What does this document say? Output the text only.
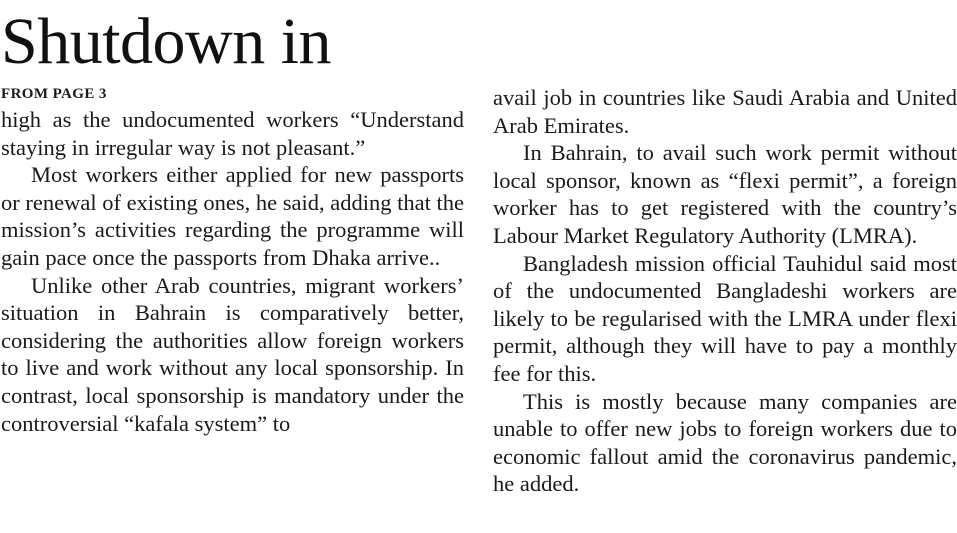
Shutdown in
FROM PAGE 3

high as the undocumented workers “Understand staying in irregular way is not pleasant.”

Most workers either applied for new passports or renewal of existing ones, he said, adding that the mission’s activities regarding the programme will gain pace once the passports from Dhaka arrive..

Unlike other Arab countries, migrant workers’ situation in Bahrain is comparatively better, considering the authorities allow foreign workers to live and work without any local sponsorship. In contrast, local sponsorship is mandatory under the controversial “kafala system” to

avail job in countries like Saudi Arabia and United Arab Emirates.

In Bahrain, to avail such work permit without local sponsor, known as “flexi permit”, a foreign worker has to get registered with the country’s Labour Market Regulatory Authority (LMRA).

Bangladesh mission official Tauhidul said most of the undocumented Bangladeshi workers are likely to be regularised with the LMRA under flexi permit, although they will have to pay a monthly fee for this.

This is mostly because many companies are unable to offer new jobs to foreign workers due to economic fallout amid the coronavirus pandemic, he added.
